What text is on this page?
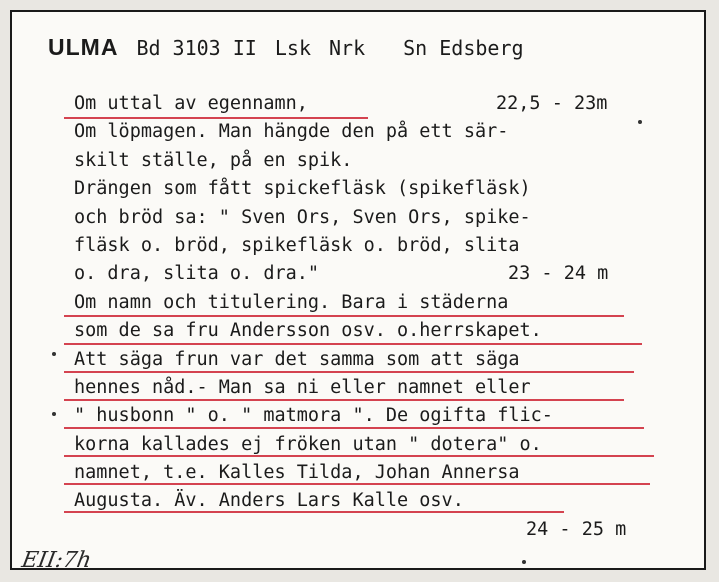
ULMA Bd 3103 II Lsk Nrk Sn Edsberg
Om uttal av egennamn,	22,5 - 23m
Om löpmagen. Man hängde den på ett sär-
skilt ställe, på en spik.
Drängen som fått spickefläsk (spikefläsk)
och bröd sa: " Sven Ors, Sven Ors, spike-
fläsk o. bröd, spikefläsk o. bröd, slita
o. dra, slita o. dra."	23 - 24 m
Om namn och titulering. Bara i städerna
som de sa fru Andersson osv. o.herrskapet.
Att säga frun var det samma som att säga
hennes nåd.- Man sa ni eller namnet eller
" husbonn " o. " matmora ". De ogifta flic-
korna kallades ej fröken utan " dotera" o.
namnet, t.e. Kalles Tilda, Johan Annersa
Augusta. Äv. Anders Lars Kalle osv.
24 - 25 m
EII:7h
